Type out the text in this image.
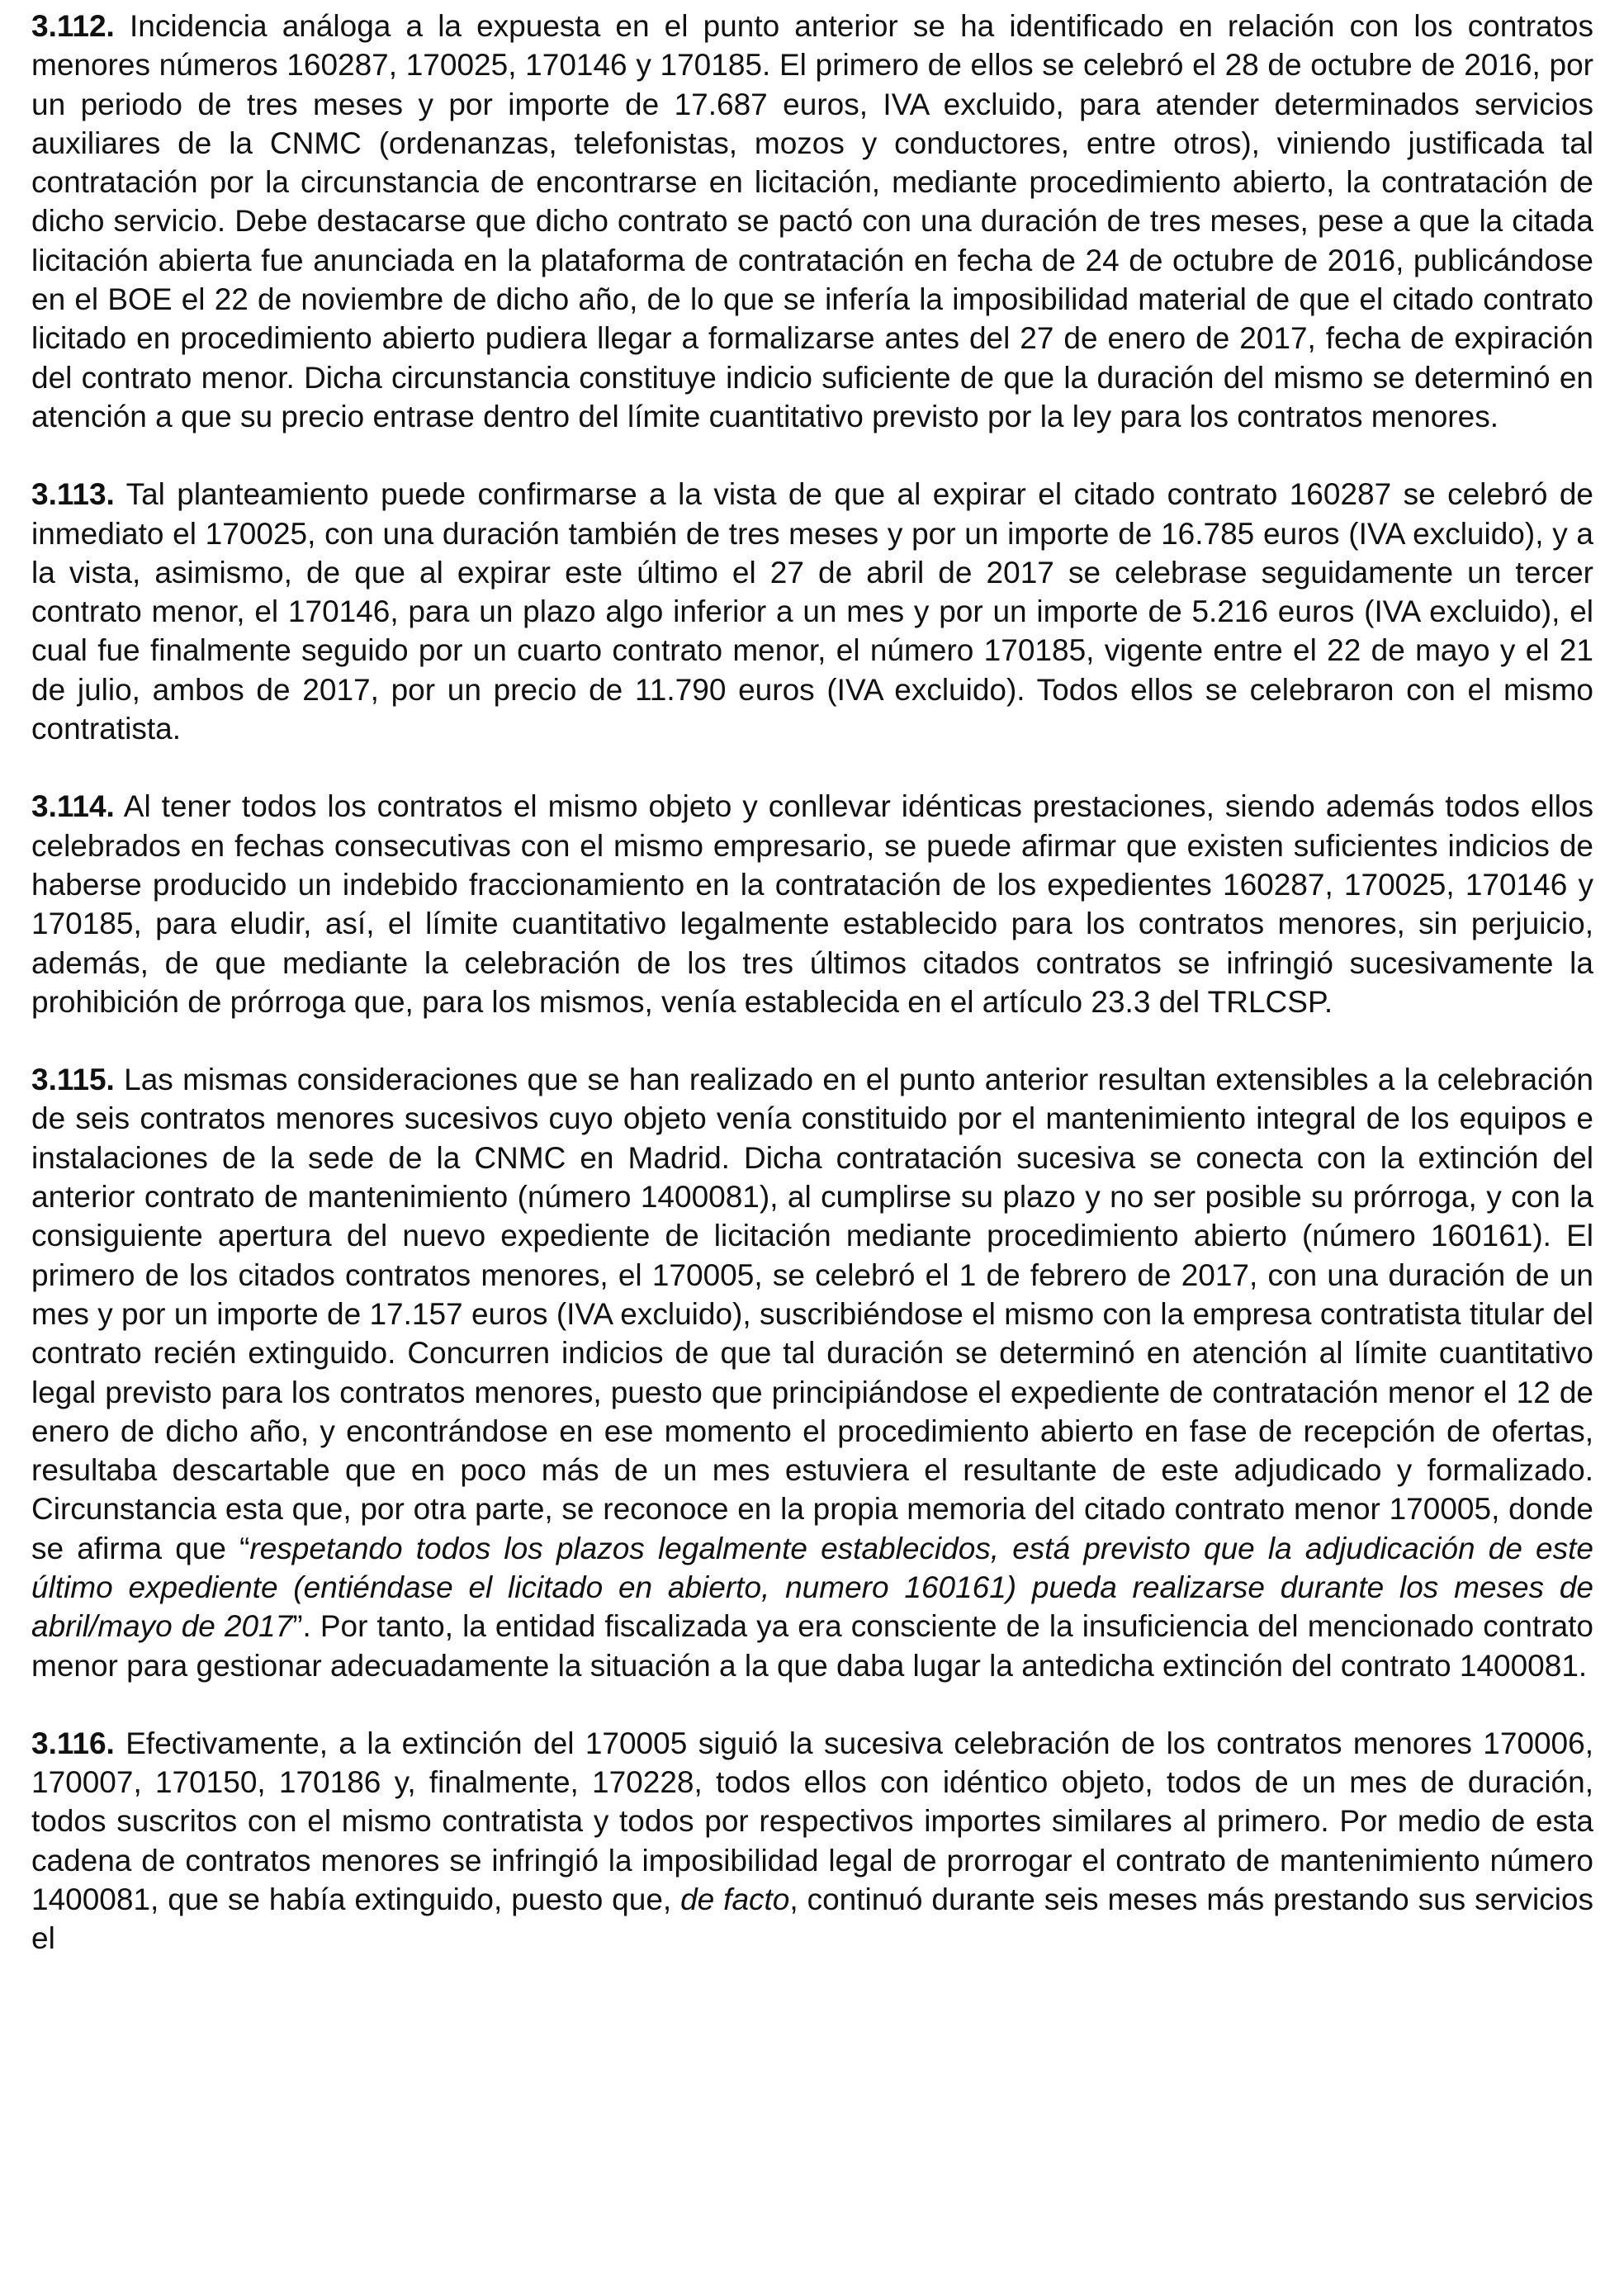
3.112. Incidencia análoga a la expuesta en el punto anterior se ha identificado en relación con los contratos menores números 160287, 170025, 170146 y 170185. El primero de ellos se celebró el 28 de octubre de 2016, por un periodo de tres meses y por importe de 17.687 euros, IVA excluido, para atender determinados servicios auxiliares de la CNMC (ordenanzas, telefonistas, mozos y conductores, entre otros), viniendo justificada tal contratación por la circunstancia de encontrarse en licitación, mediante procedimiento abierto, la contratación de dicho servicio. Debe destacarse que dicho contrato se pactó con una duración de tres meses, pese a que la citada licitación abierta fue anunciada en la plataforma de contratación en fecha de 24 de octubre de 2016, publicándose en el BOE el 22 de noviembre de dicho año, de lo que se infería la imposibilidad material de que el citado contrato licitado en procedimiento abierto pudiera llegar a formalizarse antes del 27 de enero de 2017, fecha de expiración del contrato menor. Dicha circunstancia constituye indicio suficiente de que la duración del mismo se determinó en atención a que su precio entrase dentro del límite cuantitativo previsto por la ley para los contratos menores.

3.113. Tal planteamiento puede confirmarse a la vista de que al expirar el citado contrato 160287 se celebró de inmediato el 170025, con una duración también de tres meses y por un importe de 16.785 euros (IVA excluido), y a la vista, asimismo, de que al expirar este último el 27 de abril de 2017 se celebrase seguidamente un tercer contrato menor, el 170146, para un plazo algo inferior a un mes y por un importe de 5.216 euros (IVA excluido), el cual fue finalmente seguido por un cuarto contrato menor, el número 170185, vigente entre el 22 de mayo y el 21 de julio, ambos de 2017, por un precio de 11.790 euros (IVA excluido). Todos ellos se celebraron con el mismo contratista.

3.114. Al tener todos los contratos el mismo objeto y conllevar idénticas prestaciones, siendo además todos ellos celebrados en fechas consecutivas con el mismo empresario, se puede afirmar que existen suficientes indicios de haberse producido un indebido fraccionamiento en la contratación de los expedientes 160287, 170025, 170146 y 170185, para eludir, así, el límite cuantitativo legalmente establecido para los contratos menores, sin perjuicio, además, de que mediante la celebración de los tres últimos citados contratos se infringió sucesivamente la prohibición de prórroga que, para los mismos, venía establecida en el artículo 23.3 del TRLCSP.

3.115. Las mismas consideraciones que se han realizado en el punto anterior resultan extensibles a la celebración de seis contratos menores sucesivos cuyo objeto venía constituido por el mantenimiento integral de los equipos e instalaciones de la sede de la CNMC en Madrid. Dicha contratación sucesiva se conecta con la extinción del anterior contrato de mantenimiento (número 1400081), al cumplirse su plazo y no ser posible su prórroga, y con la consiguiente apertura del nuevo expediente de licitación mediante procedimiento abierto (número 160161). El primero de los citados contratos menores, el 170005, se celebró el 1 de febrero de 2017, con una duración de un mes y por un importe de 17.157 euros (IVA excluido), suscribiéndose el mismo con la empresa contratista titular del contrato recién extinguido. Concurren indicios de que tal duración se determinó en atención al límite cuantitativo legal previsto para los contratos menores, puesto que principiándose el expediente de contratación menor el 12 de enero de dicho año, y encontrándose en ese momento el procedimiento abierto en fase de recepción de ofertas, resultaba descartable que en poco más de un mes estuviera el resultante de este adjudicado y formalizado. Circunstancia esta que, por otra parte, se reconoce en la propia memoria del citado contrato menor 170005, donde se afirma que “respetando todos los plazos legalmente establecidos, está previsto que la adjudicación de este último expediente (entiéndase el licitado en abierto, numero 160161) pueda realizarse durante los meses de abril/mayo de 2017”. Por tanto, la entidad fiscalizada ya era consciente de la insuficiencia del mencionado contrato menor para gestionar adecuadamente la situación a la que daba lugar la antedicha extinción del contrato 1400081.

3.116. Efectivamente, a la extinción del 170005 siguió la sucesiva celebración de los contratos menores 170006, 170007, 170150, 170186 y, finalmente, 170228, todos ellos con idéntico objeto, todos de un mes de duración, todos suscritos con el mismo contratista y todos por respectivos importes similares al primero. Por medio de esta cadena de contratos menores se infringió la imposibilidad legal de prorrogar el contrato de mantenimiento número 1400081, que se había extinguido, puesto que, de facto, continuó durante seis meses más prestando sus servicios el
